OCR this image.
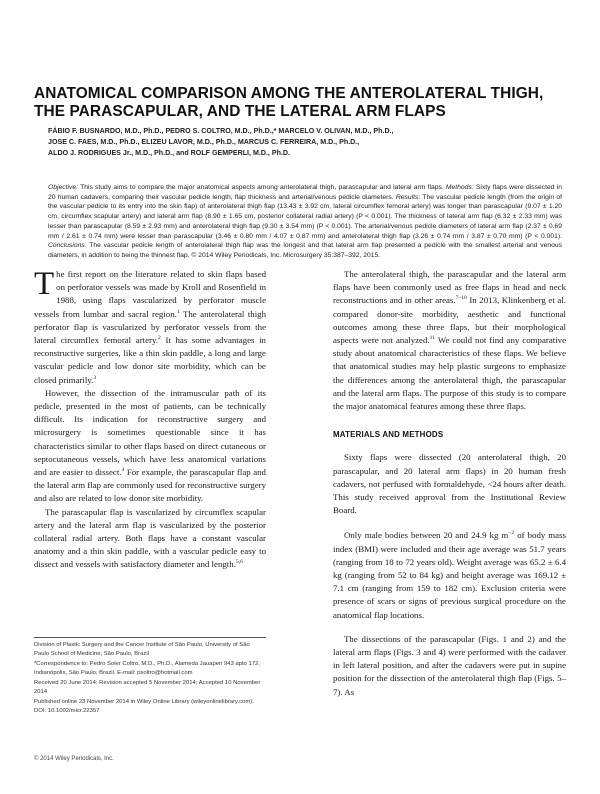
ANATOMICAL COMPARISON AMONG THE ANTEROLATERAL THIGH, THE PARASCAPULAR, AND THE LATERAL ARM FLAPS
FÁBIO F. BUSNARDO, M.D., Ph.D., PEDRO S. COLTRO, M.D., Ph.D.,* MARCELO V. OLIVAN, M.D., Ph.D.,
JOSE C. FAES, M.D., Ph.D., ELIZEU LAVOR, M.D., Ph.D., MARCUS C. FERREIRA, M.D., Ph.D.,
ALDO J. RODRIGUES Jr., M.D., Ph.D., and ROLF GEMPERLI, M.D., Ph.D.
Objective: This study aims to compare the major anatomical aspects among anterolateral thigh, parascapular and lateral arm flaps. Methods: Sixty flaps were dissected in 20 human cadavers, comparing their vascular pedicle length, flap thickness and arterial/venous pedicle diameters. Results: The vascular pedicle length (from the origin of the vascular pedicle to its entry into the skin flap) of anterolateral thigh flap (13.43 ± 3.92 cm, lateral circumflex femoral artery) was longer than parascapular (9.07 ± 1.20 cm, circumflex scapular artery) and lateral arm flap (8.90 ± 1.65 cm, posterior collateral radial artery) (P < 0.001). The thickness of lateral arm flap (6.32 ± 2.33 mm) was lesser than parascapular (8.59 ± 2.93 mm) and anterolateral thigh flap (9.30 ± 3.54 mm) (P < 0.001). The arterial/venous pedicle diameters of lateral arm flap (2.37 ± 0.69 mm / 2.61 ± 0.74 mm) were lesser than parascapular (3.46 ± 0.80 mm / 4.07 ± 0.87 mm) and anterolateral thigh flap (3.26 ± 0.74 mm / 3.87 ± 0.70 mm) (P < 0.001). Conclusions: The vascular pedicle length of anterolateral thigh flap was the longest and that lateral arm flap presented a pedicle with the smallest arterial and venous diameters, in addition to being the thinnest flap. © 2014 Wiley Periodicals, Inc. Microsurgery 35:387–392, 2015.

The first report on the literature related to skin flaps based on perforator vessels was made by Kroll and Rosenfield in 1988, using flaps vascularized by perforator muscle vessels from lumbar and sacral region.$^1$ The anterolateral thigh perforator flap is vascularized by perforator vessels from the lateral circumflex femoral artery.$^2$ It has some advantages in reconstructive surgeries, like a thin skin paddle, a long and large vascular pedicle and low donor site morbidity, which can be closed primarily.$^3$

However, the dissection of the intramuscular path of its pedicle, presented in the most of patients, can be technically difficult. Its indication for reconstructive surgery and microsurgery is sometimes questionable since it has characteristics similar to other flaps based on direct cutaneous or septocutaneous vessels, which have less anatomical variations and are easier to dissect.$^4$ For example, the parascapular flap and the lateral arm flap are commonly used for reconstructive surgery and also are related to low donor site morbidity.

The parascapular flap is vascularized by circumflex scapular artery and the lateral arm flap is vascularized by the posterior collateral radial artery. Both flaps have a constant vascular anatomy and a thin skin paddle, with a vascular pedicle easy to dissect and vessels with satisfactory diameter and length.$^{5,6}$

The anterolateral thigh, the parascapular and the lateral arm flaps have been commonly used as free flaps in head and neck reconstructions and in other areas.$^{7-10}$ In 2013, Klinkenberg et al. compared donor-site morbidity, aesthetic and functional outcomes among these three flaps, but their morphological aspects were not analyzed.$^{11}$ We could not find any comparative study about anatomical characteristics of these flaps. We believe that anatomical studies may help plastic surgeons to emphasize the differences among the anterolateral thigh, the parascapular and the lateral arm flaps. The purpose of this study is to compare the major anatomical features among these three flaps.

MATERIALS AND METHODS

Sixty flaps were dissected (20 anterolateral thigh, 20 parascapular, and 20 lateral arm flaps) in 20 human fresh cadavers, not perfused with formaldehyde, <24 hours after death. This study received approval from the Institutional Review Board.

Only male bodies between 20 and 24.9 kg $m^{-2}$ of body mass index (BMI) were included and their age average was 51.7 years (ranging from 18 to 72 years old). Weight average was 65.2 ± 6.4 kg (ranging from 52 to 84 kg) and height average was 169.12 ± 7.1 cm (ranging from 159 to 182 cm). Exclusion criteria were presence of scars or signs of previous surgical procedure on the anatomical flap locations.

The dissections of the parascapular (Figs. 1 and 2) and the lateral arm flaps (Figs. 3 and 4) were performed with the cadaver in left lateral position, and after the cadavers were put in supine position for the dissection of the anterolateral thigh flap (Figs. 5–7). As

Division of Plastic Surgery and the Cancer Institute of São Paulo, University of São Paulo School of Medicine, São Paulo, Brazil

*Correspondence to: Pedro Soler Coltro, M.D., Ph.D., Alameda Jauaperi 943 apto 172, Indianópolis, São Paulo, Brazil. E-mail: psoltro@hotmail.com

Received 20 June 2014; Revision accepted 5 November 2014; Accepted 10 November 2014

Published online 23 November 2014 in Wiley Online Library (wileyonlinelibrary.com). DOI: 10.1002/micr.22357

© 2014 Wiley Periodicals, Inc.
